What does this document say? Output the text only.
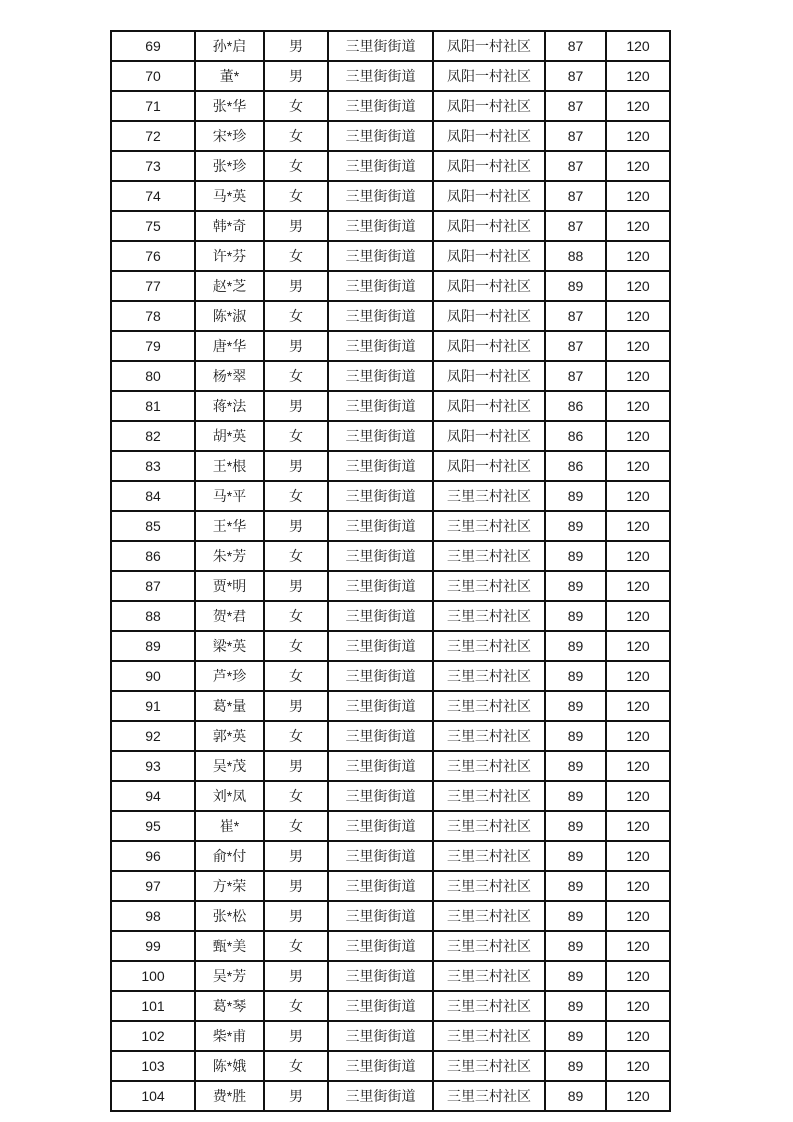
69	孙*启	男	三里街街道	凤阳一村社区	87	120
70	董*	男	三里街街道	凤阳一村社区	87	120
71	张*华	女	三里街街道	凤阳一村社区	87	120
72	宋*珍	女	三里街街道	凤阳一村社区	87	120
73	张*珍	女	三里街街道	凤阳一村社区	87	120
74	马*英	女	三里街街道	凤阳一村社区	87	120
75	韩*奇	男	三里街街道	凤阳一村社区	87	120
76	许*芬	女	三里街街道	凤阳一村社区	88	120
77	赵*芝	男	三里街街道	凤阳一村社区	89	120
78	陈*淑	女	三里街街道	凤阳一村社区	87	120
79	唐*华	男	三里街街道	凤阳一村社区	87	120
80	杨*翠	女	三里街街道	凤阳一村社区	87	120
81	蒋*法	男	三里街街道	凤阳一村社区	86	120
82	胡*英	女	三里街街道	凤阳一村社区	86	120
83	王*根	男	三里街街道	凤阳一村社区	86	120
84	马*平	女	三里街街道	三里三村社区	89	120
85	王*华	男	三里街街道	三里三村社区	89	120
86	朱*芳	女	三里街街道	三里三村社区	89	120
87	贾*明	男	三里街街道	三里三村社区	89	120
88	贺*君	女	三里街街道	三里三村社区	89	120
89	梁*英	女	三里街街道	三里三村社区	89	120
90	芦*珍	女	三里街街道	三里三村社区	89	120
91	葛*量	男	三里街街道	三里三村社区	89	120
92	郭*英	女	三里街街道	三里三村社区	89	120
93	吴*茂	男	三里街街道	三里三村社区	89	120
94	刘*凤	女	三里街街道	三里三村社区	89	120
95	崔*	女	三里街街道	三里三村社区	89	120
96	俞*付	男	三里街街道	三里三村社区	89	120
97	方*荣	男	三里街街道	三里三村社区	89	120
98	张*松	男	三里街街道	三里三村社区	89	120
99	甄*美	女	三里街街道	三里三村社区	89	120
100	吴*芳	男	三里街街道	三里三村社区	89	120
101	葛*琴	女	三里街街道	三里三村社区	89	120
102	柴*甫	男	三里街街道	三里三村社区	89	120
103	陈*娥	女	三里街街道	三里三村社区	89	120
104	费*胜	男	三里街街道	三里三村社区	89	120
